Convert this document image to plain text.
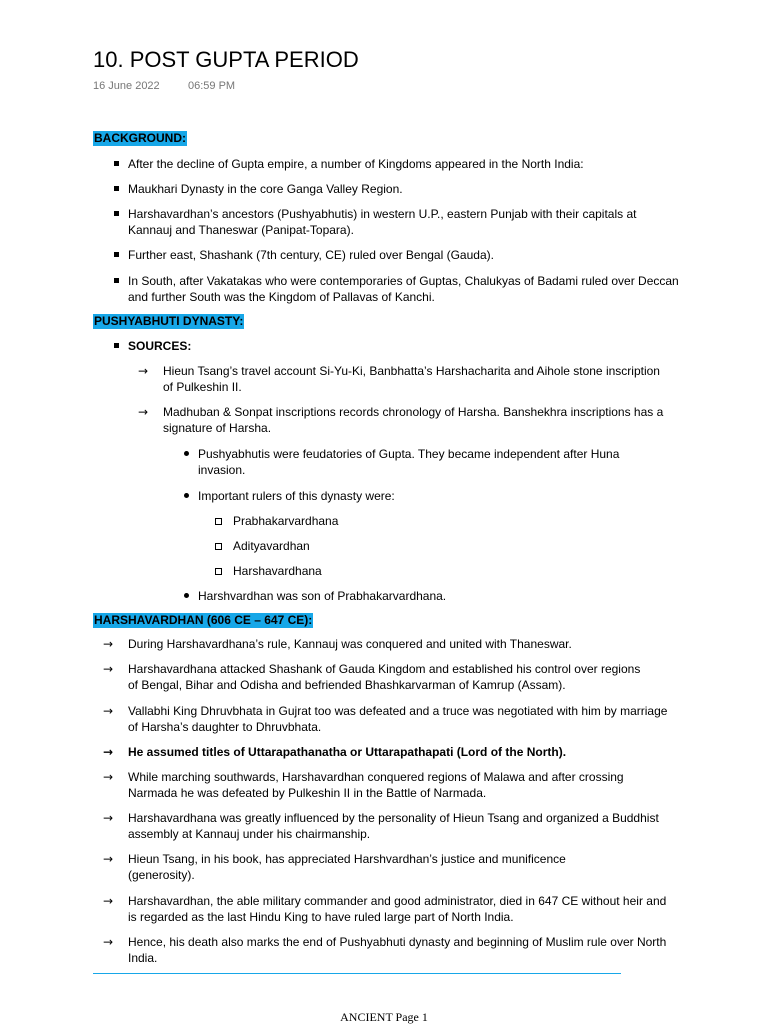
10. POST GUPTA PERIOD
16 June 2022	06:59 PM
BACKGROUND:
After the decline of Gupta empire, a number of Kingdoms appeared in the North India:
Maukhari Dynasty in the core Ganga Valley Region.
Harshavardhan’s ancestors (Pushyabhutis) in western U.P., eastern Punjab with their capitals at Kannauj and Thaneswar (Panipat-Topara).
Further east, Shashank (7th century, CE) ruled over Bengal (Gauda).
In South, after Vakatakas who were contemporaries of Guptas, Chalukyas of Badami ruled over Deccan and further South was the Kingdom of Pallavas of Kanchi.
PUSHYABHUTI DYNASTY:
SOURCES:
→ Hieun Tsang’s travel account Si-Yu-Ki, Banbhatta’s Harshacharita and Aihole stone inscription of Pulkeshin II.
→ Madhuban & Sonpat inscriptions records chronology of Harsha. Banshekhra inscriptions has a signature of Harsha.
Pushyabhutis were feudatories of Gupta. They became independent after Huna invasion.
Important rulers of this dynasty were:
Prabhakarvardhana
Adityavardhan
Harshavardhana
Harshvardhan was son of Prabhakarvardhana.
HARSHAVARDHAN (606 CE – 647 CE):
→ During Harshavardhana’s rule, Kannauj was conquered and united with Thaneswar.
→ Harshavardhana attacked Shashank of Gauda Kingdom and established his control over regions of Bengal, Bihar and Odisha and befriended Bhashkarvarman of Kamrup (Assam).
→ Vallabhi King Dhruvbhata in Gujrat too was defeated and a truce was negotiated with him by marriage of Harsha’s daughter to Dhruvbhata.
→ He assumed titles of Uttarapathanatha or Uttarapathapati (Lord of the North).
→ While marching southwards, Harshavardhan conquered regions of Malawa and after crossing Narmada he was defeated by Pulkeshin II in the Battle of Narmada.
→ Harshavardhana was greatly influenced by the personality of Hieun Tsang and organized a Buddhist assembly at Kannauj under his chairmanship.
→ Hieun Tsang, in his book, has appreciated Harshvardhan’s justice and munificence (generosity).
→ Harshavardhan, the able military commander and good administrator, died in 647 CE without heir and is regarded as the last Hindu King to have ruled large part of North India.
→ Hence, his death also marks the end of Pushyabhuti dynasty and beginning of Muslim rule over North India.
ANCIENT Page 1
